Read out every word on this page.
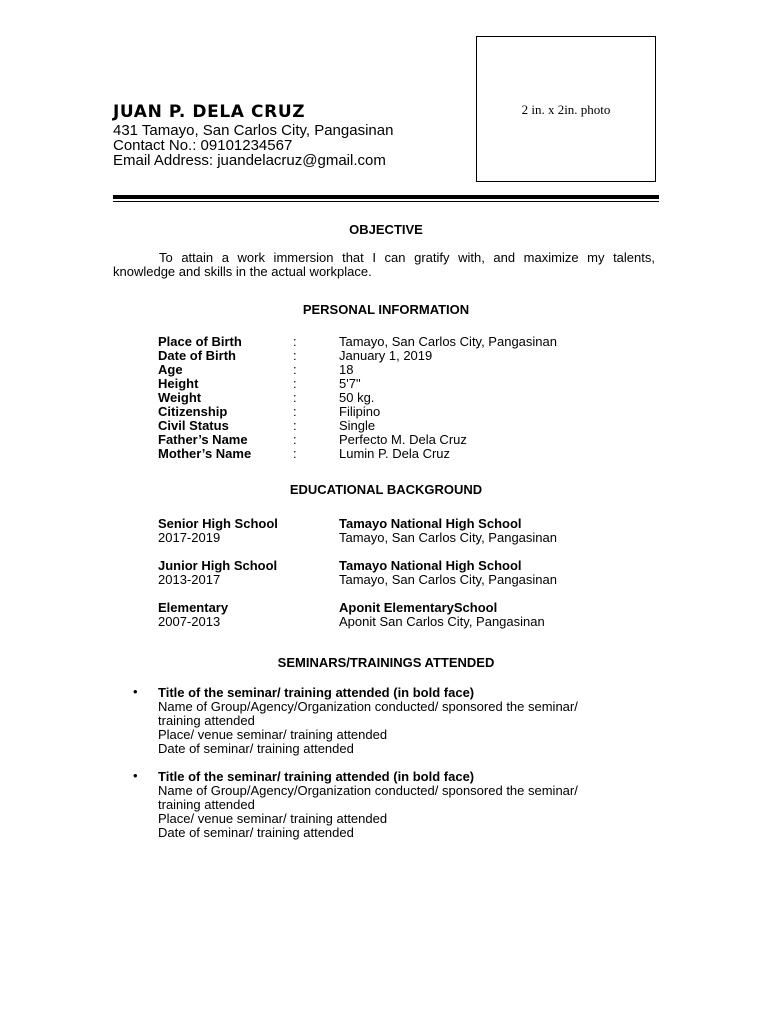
JUAN P. DELA CRUZ
431 Tamayo, San Carlos City, Pangasinan
Contact No.: 09101234567
Email Address: juandelacruz@gmail.com
2 in. x 2in. photo
OBJECTIVE

To attain a work immersion that I can gratify with, and maximize my talents, knowledge and skills in the actual workplace.

PERSONAL INFORMATION
Place of Birth	:	Tamayo, San Carlos City, Pangasinan
Date of Birth	:	January 1, 2019
Age	:	18
Height	:	5'7"
Weight	:	50 kg.
Citizenship	:	Filipino
Civil Status	:	Single
Father’s Name	:	Perfecto M. Dela Cruz
Mother’s Name	:	Lumin P. Dela Cruz
EDUCATIONAL BACKGROUND
Senior High School	Tamayo National High School
2017-2019	Tamayo, San Carlos City, Pangasinan
Junior High School	Tamayo National High School
2013-2017	Tamayo, San Carlos City, Pangasinan
Elementary	Aponit ElementarySchool
2007-2013	Aponit San Carlos City, Pangasinan
SEMINARS/TRAININGS ATTENDED
• Title of the seminar/ training attended (in bold face)
Name of Group/Agency/Organization conducted/ sponsored the seminar/
training attended
Place/ venue seminar/ training attended
Date of seminar/ training attended
• Title of the seminar/ training attended (in bold face)
Name of Group/Agency/Organization conducted/ sponsored the seminar/
training attended
Place/ venue seminar/ training attended
Date of seminar/ training attended
